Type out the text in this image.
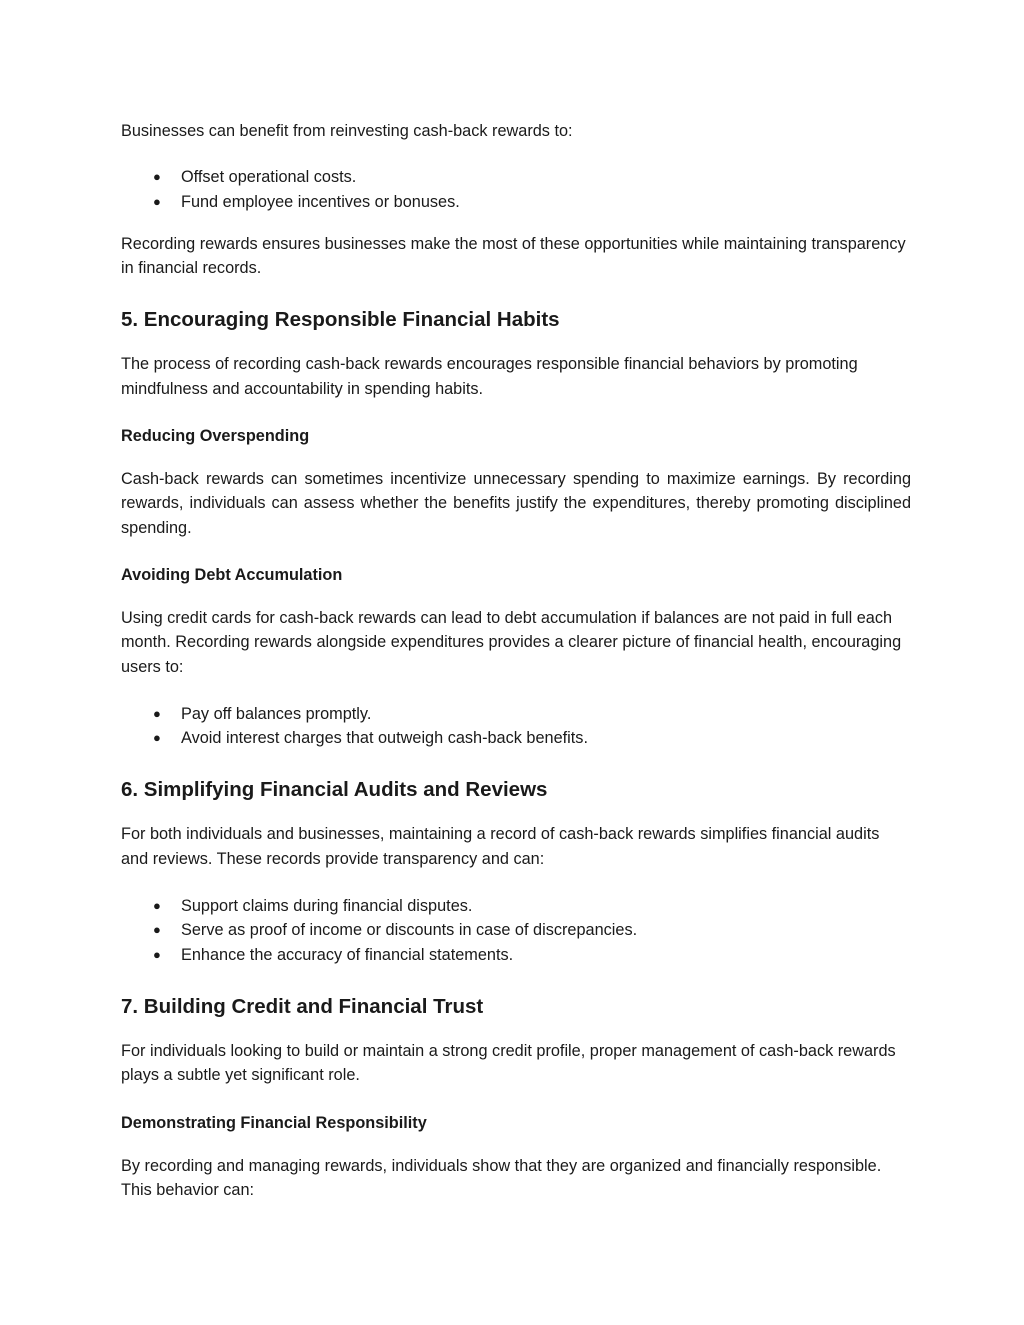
Businesses can benefit from reinvesting cash-back rewards to:

● Offset operational costs.
● Fund employee incentives or bonuses.

Recording rewards ensures businesses make the most of these opportunities while maintaining transparency in financial records.

5. Encouraging Responsible Financial Habits

The process of recording cash-back rewards encourages responsible financial behaviors by promoting mindfulness and accountability in spending habits.

Reducing Overspending

Cash-back rewards can sometimes incentivize unnecessary spending to maximize earnings. By recording rewards, individuals can assess whether the benefits justify the expenditures, thereby promoting disciplined spending.

Avoiding Debt Accumulation

Using credit cards for cash-back rewards can lead to debt accumulation if balances are not paid in full each month. Recording rewards alongside expenditures provides a clearer picture of financial health, encouraging users to:

● Pay off balances promptly.
● Avoid interest charges that outweigh cash-back benefits.
6. Simplifying Financial Audits and Reviews

For both individuals and businesses, maintaining a record of cash-back rewards simplifies financial audits and reviews. These records provide transparency and can:

● Support claims during financial disputes.
● Serve as proof of income or discounts in case of discrepancies.
● Enhance the accuracy of financial statements.
7. Building Credit and Financial Trust

For individuals looking to build or maintain a strong credit profile, proper management of cash-back rewards plays a subtle yet significant role.

Demonstrating Financial Responsibility

By recording and managing rewards, individuals show that they are organized and financially responsible. This behavior can:
